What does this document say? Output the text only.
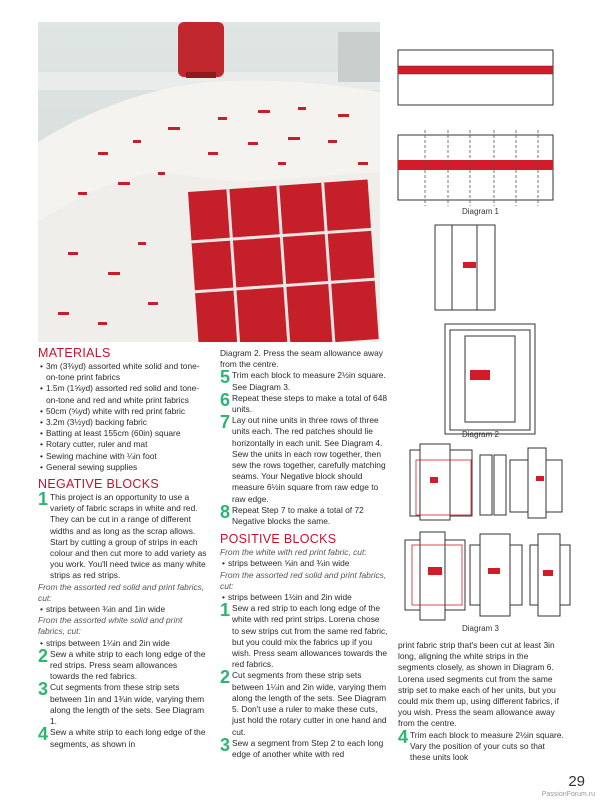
MATERIALS

• 3m (3⅜yd) assorted white solid and tone-on-tone print fabrics

• 1.5m (1⅝yd) assorted red solid and tone-on-tone and red and white print fabrics

• 50cm (⅝yd) white with red print fabric

• 3.2m (3½yd) backing fabric

• Batting at least 155cm (60in) square

• Rotary cutter, ruler and mat

• Sewing machine with ¼in foot

• General sewing supplies

NEGATIVE BLOCKS

1 This project is an opportunity to use a variety of fabric scraps in white and red. They can be cut in a range of different widths and as long as the scrap allows. Start by cutting a group of strips in each colour and then cut more to add variety as you work. You'll need twice as many white strips as red strips.

From the assorted red solid and print fabrics, cut:

• strips between ¾in and 1in wide

From the assorted white solid and print fabrics, cut:

• strips between 1¼in and 2in wide

2 Sew a white strip to each long edge of the red strips. Press seam allowances towards the red fabrics.

3 Cut segments from these strip sets between 1in and 1¾in wide, varying them along the length of the sets. See Diagram 1.

4 Sew a white strip to each long edge of the segments, as shown in

Diagram 2. Press the seam allowance away from the centre.

5 Trim each block to measure 2½in square. See Diagram 3.

6 Repeat these steps to make a total of 648 units.

7 Lay out nine units in three rows of three units each. The red patches should lie horizontally in each unit. See Diagram 4. Sew the units in each row together, then sew the rows together, carefully matching seams. Your Negative block should measure 6½in square from raw edge to raw edge.

8 Repeat Step 7 to make a total of 72 Negative blocks the same.

POSITIVE BLOCKS

From the white with red print fabric, cut:

• strips between ⅝in and ¾in wide

From the assorted red solid and print fabrics, cut:

• strips between 1½in and 2in wide

1 Sew a red strip to each long edge of the white with red print strips. Lorena chose to sew strips cut from the same red fabric, but you could mix the fabrics up if you wish. Press seam allowances towards the red fabrics.

2 Cut segments from these strip sets between 1¼in and 2in wide, varying them along the length of the sets. See Diagram 5. Don't use a ruler to make these cuts, just hold the rotary cutter in one hand and cut.

3 Sew a segment from Step 2 to each long edge of another white with red

print fabric strip that's been cut at least 3in long, aligning the white strips in the segments closely, as shown in Diagram 6. Lorena used segments cut from the same strip set to make each of her units, but you could mix them up, using different fabrics, if you wish. Press the seam allowance away from the centre.

4 Trim each block to measure 2½in square. Vary the position of your cuts so that these units look

Diagram 1
Diagram 2
Diagram 3
29
PassionForum.ru
